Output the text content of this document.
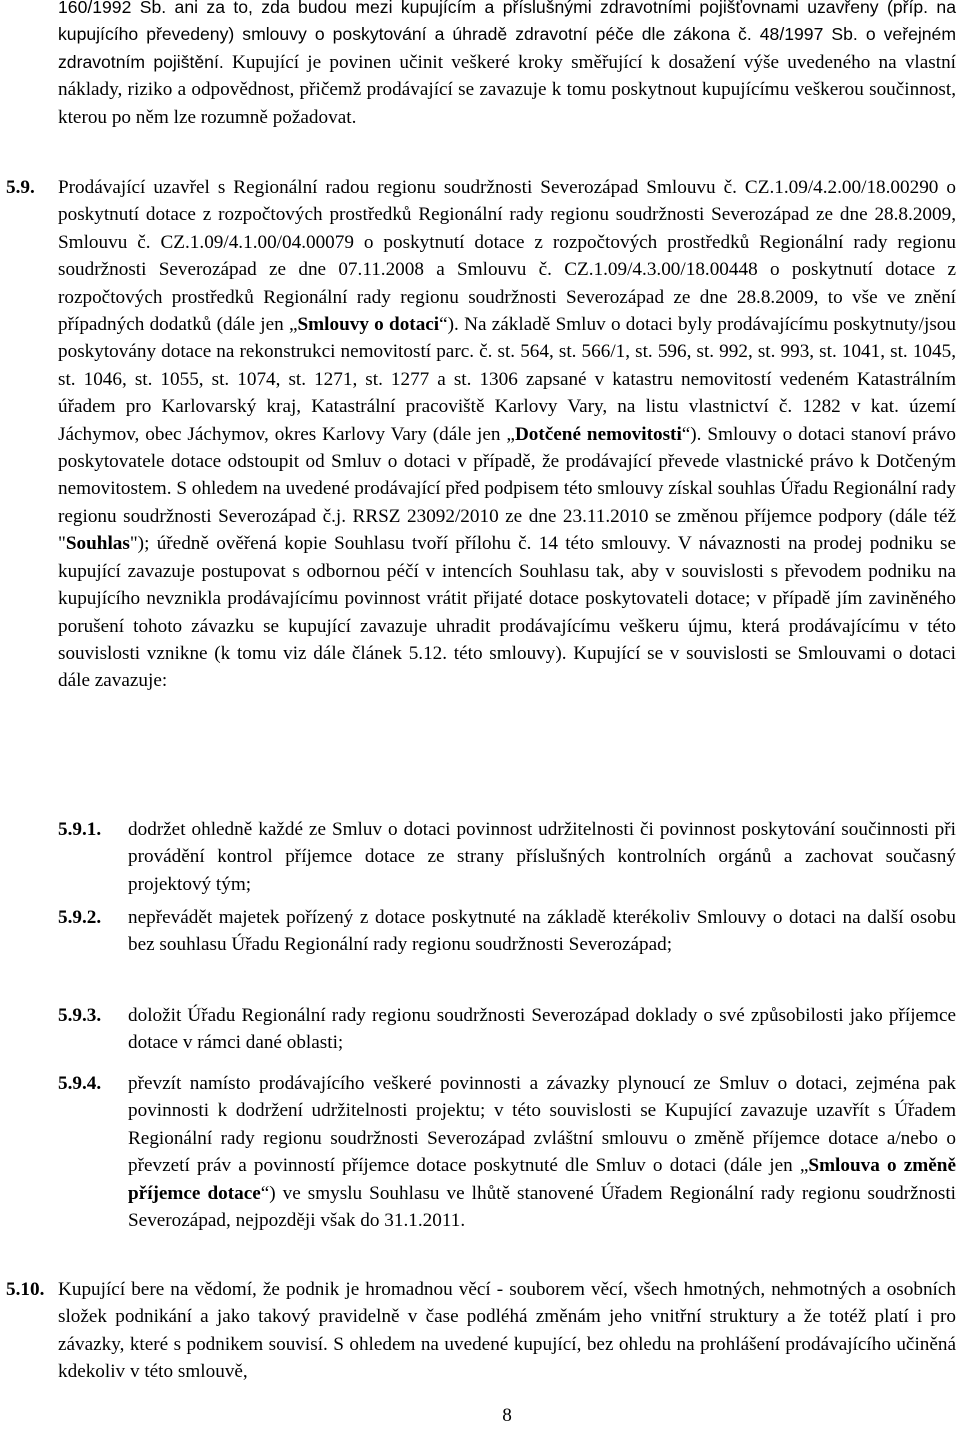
160/1992 Sb. ani za to, zda budou mezi kupujícím a příslušnými zdravotními pojišťovnami uzavřeny (příp. na kupujícího převedeny) smlouvy o poskytování a úhradě zdravotní péče dle zákona č. 48/1997 Sb. o veřejném zdravotním pojištění. Kupující je povinen učinit veškeré kroky směřující k dosažení výše uvedeného na vlastní náklady, riziko a odpovědnost, přičemž prodávající se zavazuje k tomu poskytnout kupujícímu veškerou součinnost, kterou po něm lze rozumně požadovat.

5.9. Prodávající uzavřel s Regionální radou regionu soudržnosti Severozápad Smlouvu č. CZ.1.09/4.2.00/18.00290 o poskytnutí dotace z rozpočtových prostředků Regionální rady regionu soudržnosti Severozápad ze dne 28.8.2009, Smlouvu č. CZ.1.09/4.1.00/04.00079 o poskytnutí dotace z rozpočtových prostředků Regionální rady regionu soudržnosti Severozápad ze dne 07.11.2008 a Smlouvu č. CZ.1.09/4.3.00/18.00448 o poskytnutí dotace z rozpočtových prostředků Regionální rady regionu soudržnosti Severozápad ze dne 28.8.2009, to vše ve znění případných dodatků (dále jen „Smlouvy o dotaci“). Na základě Smluv o dotaci byly prodávajícímu poskytnuty/jsou poskytovány dotace na rekonstrukci nemovitostí parc. č. st. 564, st. 566/1, st. 596, st. 992, st. 993, st. 1041, st. 1045, st. 1046, st. 1055, st. 1074, st. 1271, st. 1277 a st. 1306 zapsané v katastru nemovitostí vedeném Katastrálním úřadem pro Karlovarský kraj, Katastrální pracoviště Karlovy Vary, na listu vlastnictví č. 1282 v kat. území Jáchymov, obec Jáchymov, okres Karlovy Vary (dále jen „Dotčené nemovitosti“). Smlouvy o dotaci stanoví právo poskytovatele dotace odstoupit od Smluv o dotaci v případě, že prodávající převede vlastnické právo k Dotčeným nemovitostem. S ohledem na uvedené prodávající před podpisem této smlouvy získal souhlas Úřadu Regionální rady regionu soudržnosti Severozápad č.j. RRSZ 23092/2010 ze dne 23.11.2010 se změnou příjemce podpory (dále též "Souhlas"); úředně ověřená kopie Souhlasu tvoří přílohu č. 14 této smlouvy. V návaznosti na prodej podniku se kupující zavazuje postupovat s odbornou péčí v intencích Souhlasu tak, aby v souvislosti s převodem podniku na kupujícího nevznikla prodávajícímu povinnost vrátit přijaté dotace poskytovateli dotace; v případě jím zaviněného porušení tohoto závazku se kupující zavazuje uhradit prodávajícímu veškeru újmu, která prodávajícímu v této souvislosti vznikne (k tomu viz dále článek 5.12. této smlouvy). Kupující se v souvislosti se Smlouvami o dotaci dále zavazuje:
5.9.1. dodržet ohledně každé ze Smluv o dotaci povinnost udržitelnosti či povinnost poskytování součinnosti při provádění kontrol příjemce dotace ze strany příslušných kontrolních orgánů a zachovat současný projektový tým;
5.9.2. nepřevádět majetek pořízený z dotace poskytnuté na základě kterékoliv Smlouvy o dotaci na další osobu bez souhlasu Úřadu Regionální rady regionu soudržnosti Severozápad;
5.9.3. doložit Úřadu Regionální rady regionu soudržnosti Severozápad doklady o své způsobilosti jako příjemce dotace v rámci dané oblasti;
5.9.4. převzít namísto prodávajícího veškeré povinnosti a závazky plynoucí ze Smluv o dotaci, zejména pak povinnosti k dodržení udržitelnosti projektu; v této souvislosti se Kupující zavazuje uzavřít s Úřadem Regionální rady regionu soudržnosti Severozápad zvláštní smlouvu o změně příjemce dotace a/nebo o převzetí práv a povinností příjemce dotace poskytnuté dle Smluv o dotaci (dále jen „Smlouva o změně příjemce dotace“) ve smyslu Souhlasu ve lhůtě stanovené Úřadem Regionální rady regionu soudržnosti Severozápad, nejpozději však do 31.1.2011.
5.10. Kupující bere na vědomí, že podnik je hromadnou věcí - souborem věcí, všech hmotných, nehmotných a osobních složek podnikání a jako takový pravidelně v čase podléhá změnám jeho vnitřní struktury a že totéž platí i pro závazky, které s podnikem souvisí. S ohledem na uvedené kupující, bez ohledu na prohlášení prodávajícího učiněná kdekoliv v této smlouvě,
8
